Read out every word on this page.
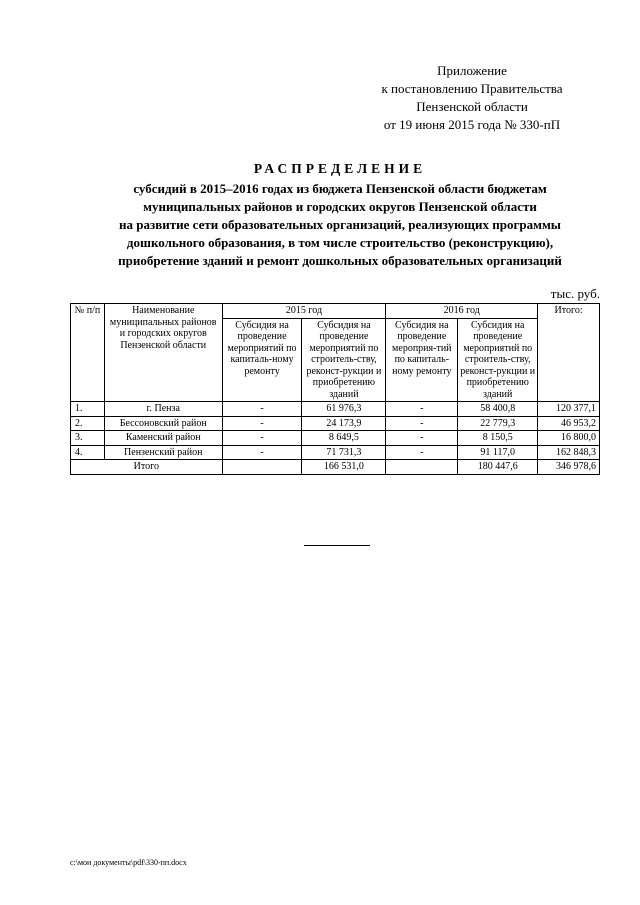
Приложение
к постановлению Правительства
Пензенской области
от 19 июня 2015 года № 330-пП
РАСПРЕДЕЛЕНИЕ
субсидий в 2015–2016 годах из бюджета Пензенской области бюджетам
муниципальных районов и городских округов Пензенской области
на развитие сети образовательных организаций, реализующих программы
дошкольного образования, в том числе строительство (реконструкцию),
приобретение зданий и ремонт дошкольных образовательных организаций
тыс. руб.
№ п/п	Наименование муниципальных районов и городских округов Пензенской области	2015 год		2016 год		Итого:
		Субсидия на проведение мероприятий по капиталь-ному ремонту	Субсидия на проведение мероприятий по строитель-ству, реконст-рукции и приобретению зданий	Субсидия на проведение мероприя-тий по капиталь-ному ремонту	Субсидия на проведение мероприятий по строитель-ству, реконст-рукции и приобретению зданий	
1.	г. Пенза	-	61 976,3	-	58 400,8	120 377,1
2.	Бессоновский район	-	24 173,9	-	22 779,3	46 953,2
3.	Каменский район	-	8 649,5	-	8 150,5	16 800,0
4.	Пензенский район	-	71 731,3	-	91 117,0	162 848,3
Итого			166 531,0		180 447,6	346 978,6
c:\мои документы\pdf\330-пп.docx
